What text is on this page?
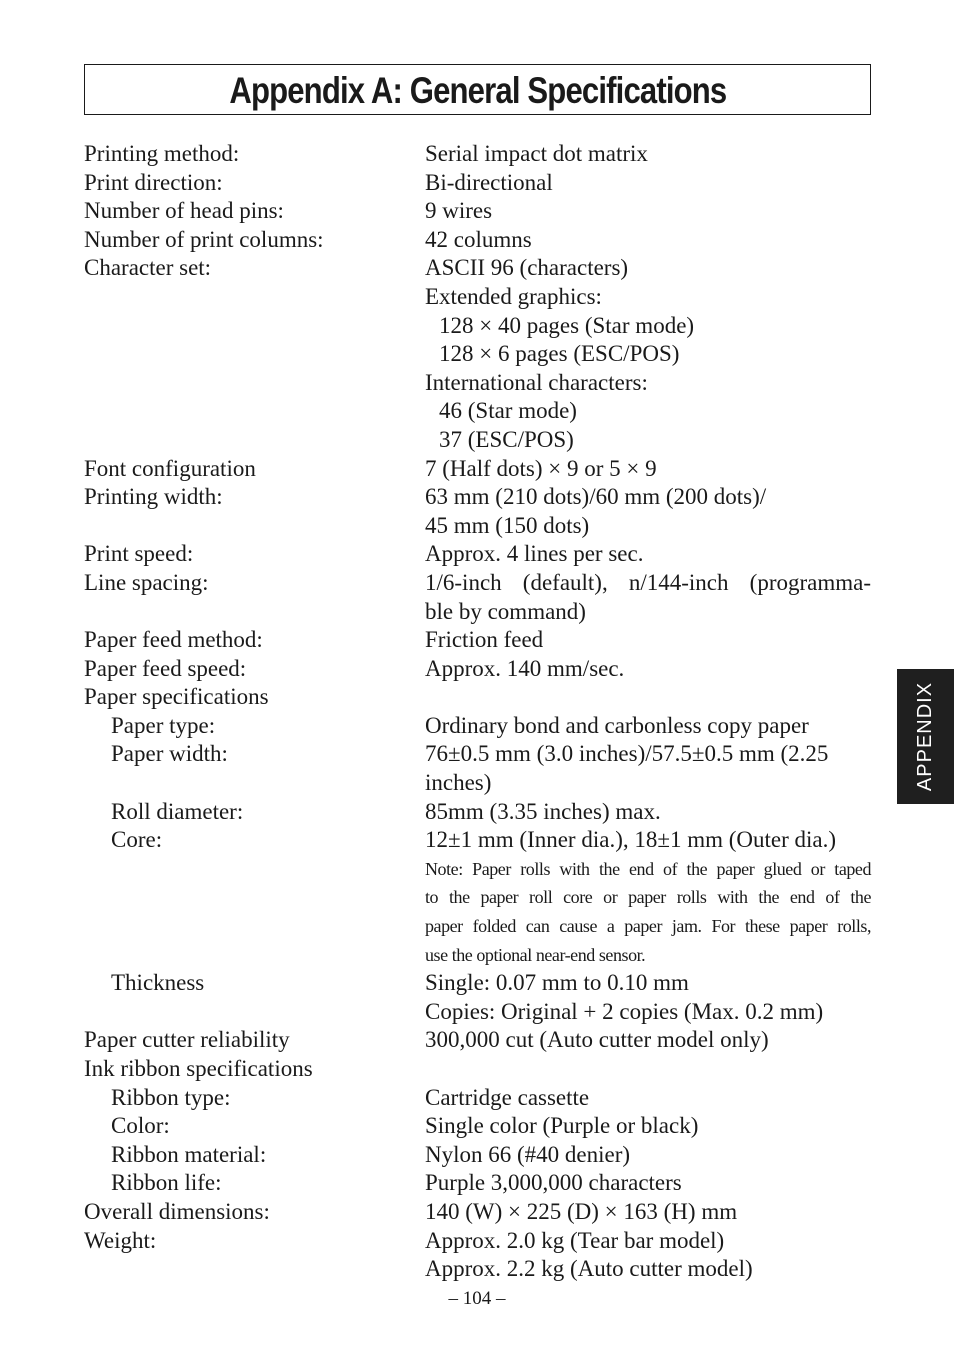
Appendix A: General Specifications
Printing method:	Serial impact dot matrix
Print direction:	Bi-directional
Number of head pins:	9 wires
Number of print columns:	42 columns
Character set:	ASCII 96 (characters)
Extended graphics:
128 × 40 pages (Star mode)
128 × 6 pages (ESC/POS)
International characters:
46 (Star mode)
37 (ESC/POS)
Font configuration	7 (Half dots) × 9 or 5 × 9
Printing width:	63 mm (210 dots)/60 mm (200 dots)/
45 mm (150 dots)
Print speed:	Approx. 4 lines per sec.
Line spacing:	1/6-inch (default), n/144-inch (programma-
ble by command)
Paper feed method:	Friction feed
Paper feed speed:	Approx. 140 mm/sec.
Paper specifications
Paper type:	Ordinary bond and carbonless copy paper
Paper width:	76±0.5 mm (3.0 inches)/57.5±0.5 mm (2.25
inches)
Roll diameter:	85mm (3.35 inches) max.
Core:	12±1 mm (Inner dia.), 18±1 mm (Outer dia.)
Note: Paper rolls with the end of the paper glued or taped
to the paper roll core or paper rolls with the end of the
paper folded can cause a paper jam. For these paper rolls,
use the optional near-end sensor.
Thickness	Single: 0.07 mm to 0.10 mm
Copies: Original + 2 copies (Max. 0.2 mm)
Paper cutter reliability	300,000 cut (Auto cutter model only)
Ink ribbon specifications
Ribbon type:	Cartridge cassette
Color:	Single color (Purple or black)
Ribbon material:	Nylon 66 (#40 denier)
Ribbon life:	Purple 3,000,000 characters
Overall dimensions:	140 (W) × 225 (D) × 163 (H) mm
Weight:	Approx. 2.0 kg (Tear bar model)
Approx. 2.2 kg (Auto cutter model)
APPENDIX
– 104 –
